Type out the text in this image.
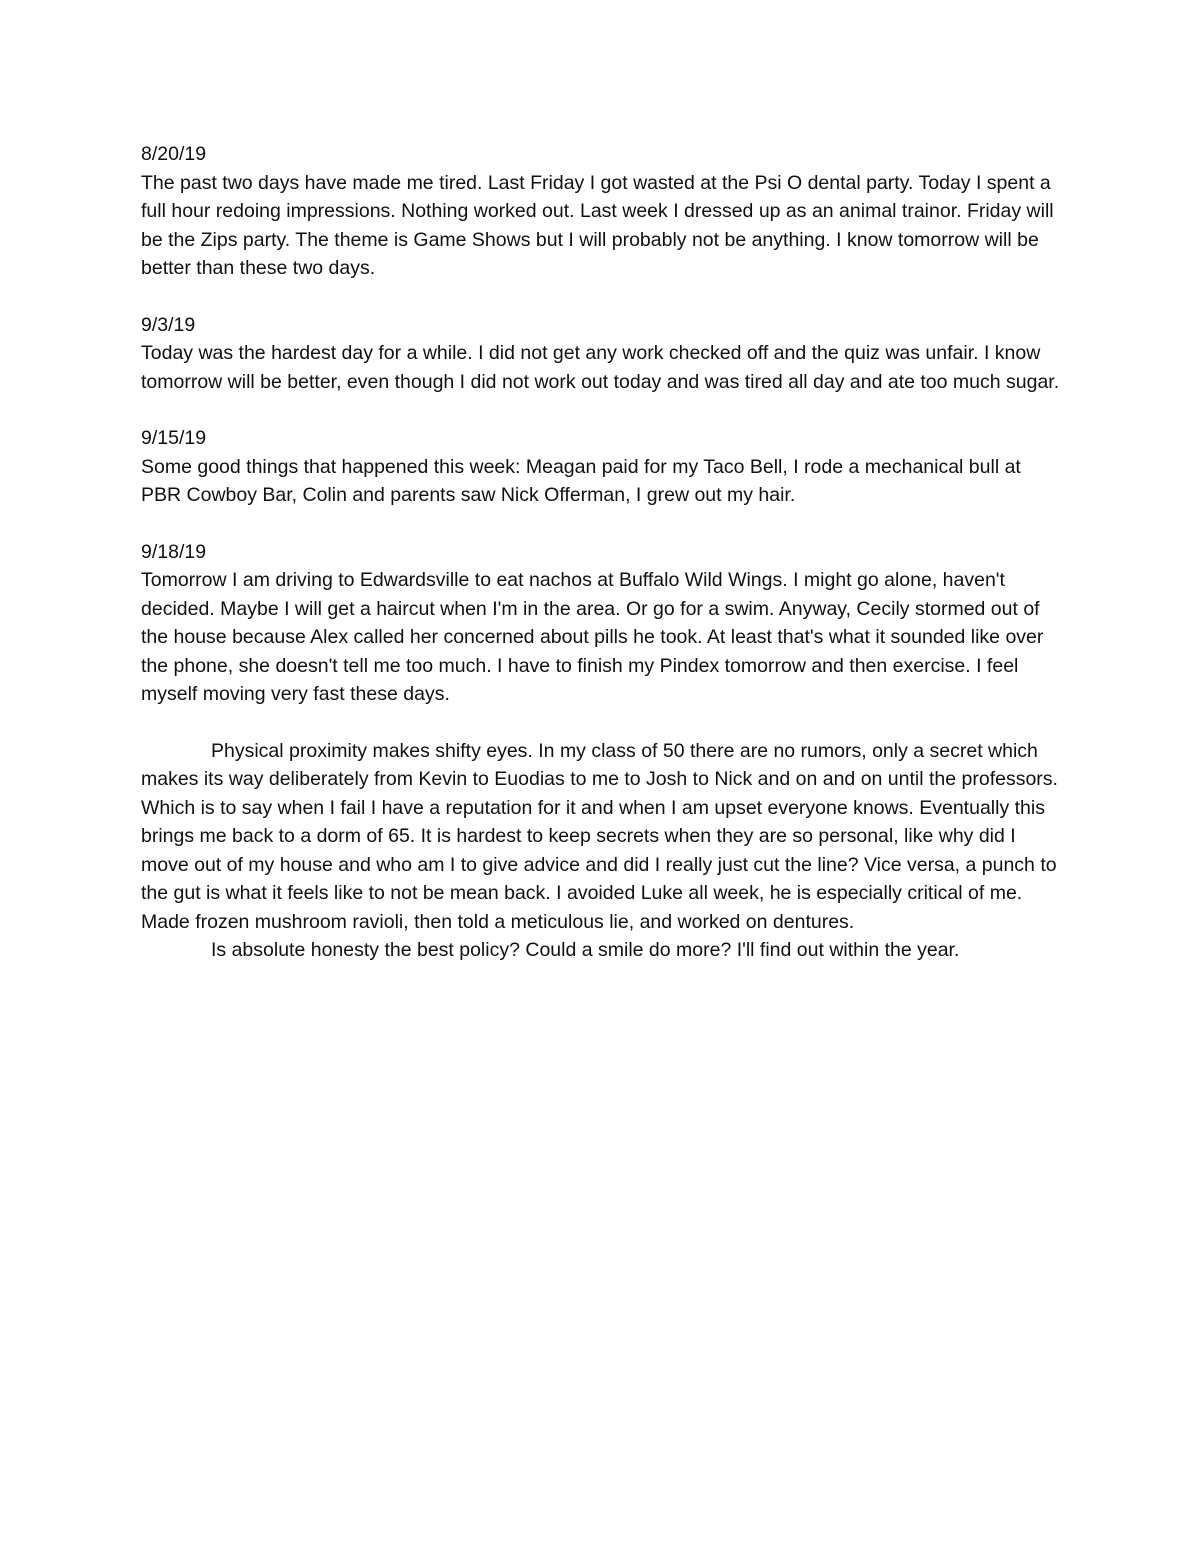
8/20/19
The past two days have made me tired. Last Friday I got wasted at the Psi O dental party. Today I spent a full hour redoing impressions. Nothing worked out. Last week I dressed up as an animal trainor. Friday will be the Zips party. The theme is Game Shows but I will probably not be anything. I know tomorrow will be better than these two days.
9/3/19
Today was the hardest day for a while. I did not get any work checked off and the quiz was unfair. I know tomorrow will be better, even though I did not work out today and was tired all day and ate too much sugar.
9/15/19
Some good things that happened this week: Meagan paid for my Taco Bell, I rode a mechanical bull at PBR Cowboy Bar, Colin and parents saw Nick Offerman, I grew out my hair.
9/18/19
Tomorrow I am driving to Edwardsville to eat nachos at Buffalo Wild Wings. I might go alone, haven't decided. Maybe I will get a haircut when I'm in the area. Or go for a swim. Anyway, Cecily stormed out of the house because Alex called her concerned about pills he took. At least that's what it sounded like over the phone, she doesn't tell me too much. I have to finish my Pindex tomorrow and then exercise. I feel myself moving very fast these days.

Physical proximity makes shifty eyes. In my class of 50 there are no rumors, only a secret which makes its way deliberately from Kevin to Euodias to me to Josh to Nick and on and on until the professors. Which is to say when I fail I have a reputation for it and when I am upset everyone knows. Eventually this brings me back to a dorm of 65. It is hardest to keep secrets when they are so personal, like why did I move out of my house and who am I to give advice and did I really just cut the line? Vice versa, a punch to the gut is what it feels like to not be mean back. I avoided Luke all week, he is especially critical of me. Made frozen mushroom ravioli, then told a meticulous lie, and worked on dentures.

Is absolute honesty the best policy? Could a smile do more? I'll find out within the year.
